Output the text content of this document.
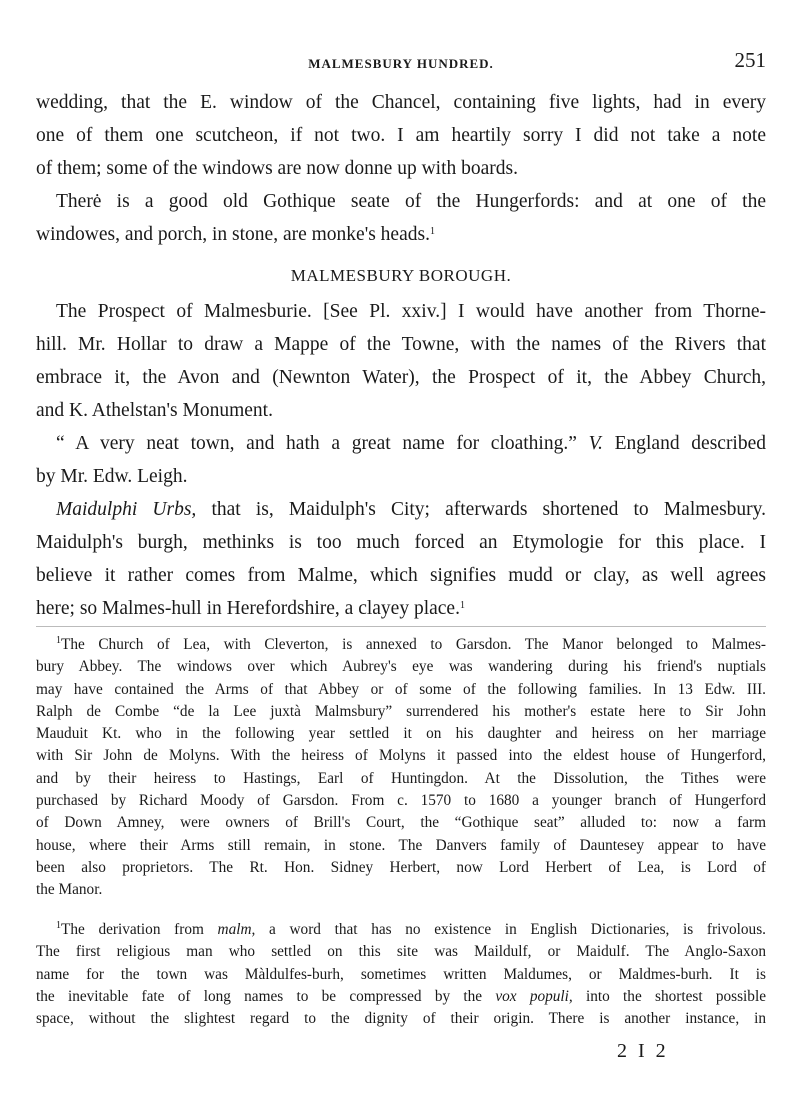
MALMESBURY HUNDRED.	251
wedding, that the E. window of the Chancel, containing five lights, had in every
one of them one scutcheon, if not two. I am heartily sorry I did not take a note
of them; some of the windows are now donne up with boards.
Therė is a good old Gothique seate of the Hungerfords: and at one of the
windowes, and porch, in stone, are monke's heads.$^1$
MALMESBURY BOROUGH.
The Prospect of Malmesburie. [See Pl. xxiv.] I would have another from Thorne-
hill. Mr. Hollar to draw a Mappe of the Towne, with the names of the Rivers that
embrace it, the Avon and (Newnton Water), the Prospect of it, the Abbey Church,
and K. Athelstan's Monument.
“ A very neat town, and hath a great name for cloathing.” V. England described
by Mr. Edw. Leigh.
Maidulphi Urbs, that is, Maidulph's City; afterwards shortened to Malmesbury.
Maidulph's burgh, methinks is too much forced an Etymologie for this place. I
believe it rather comes from Malme, which signifies mudd or clay, as well agrees
here; so Malmes-hull in Herefordshire, a clayey place.$^1$
$^1$The Church of Lea, with Cleverton, is annexed to Garsdon. The Manor belonged to Malmes-
bury Abbey. The windows over which Aubrey's eye was wandering during his friend's nuptials
may have contained the Arms of that Abbey or of some of the following families. In 13 Edw. III.
Ralph de Combe “de la Lee juxtà Malmsbury” surrendered his mother's estate here to Sir John
Mauduit Kt. who in the following year settled it on his daughter and heiress on her marriage
with Sir John de Molyns. With the heiress of Molyns it passed into the eldest house of Hungerford,
and by their heiress to Hastings, Earl of Huntingdon. At the Dissolution, the Tithes were
purchased by Richard Moody of Garsdon. From c. 1570 to 1680 a younger branch of Hungerford
of Down Amney, were owners of Brill's Court, the “Gothique seat” alluded to: now a farm
house, where their Arms still remain, in stone. The Danvers family of Dauntesey appear to have
been also proprietors. The Rt. Hon. Sidney Herbert, now Lord Herbert of Lea, is Lord of
the Manor.
$^1$The derivation from malm, a word that has no existence in English Dictionaries, is frivolous.
The first religious man who settled on this site was Maildulf, or Maidulf. The Anglo-Saxon
name for the town was Màldulfes-burh, sometimes written Maldumes, or Maldmes-burh. It is
the inevitable fate of long names to be compressed by the vox populi, into the shortest possible
space, without the slightest regard to the dignity of their origin. There is another instance, in
2 I 2
